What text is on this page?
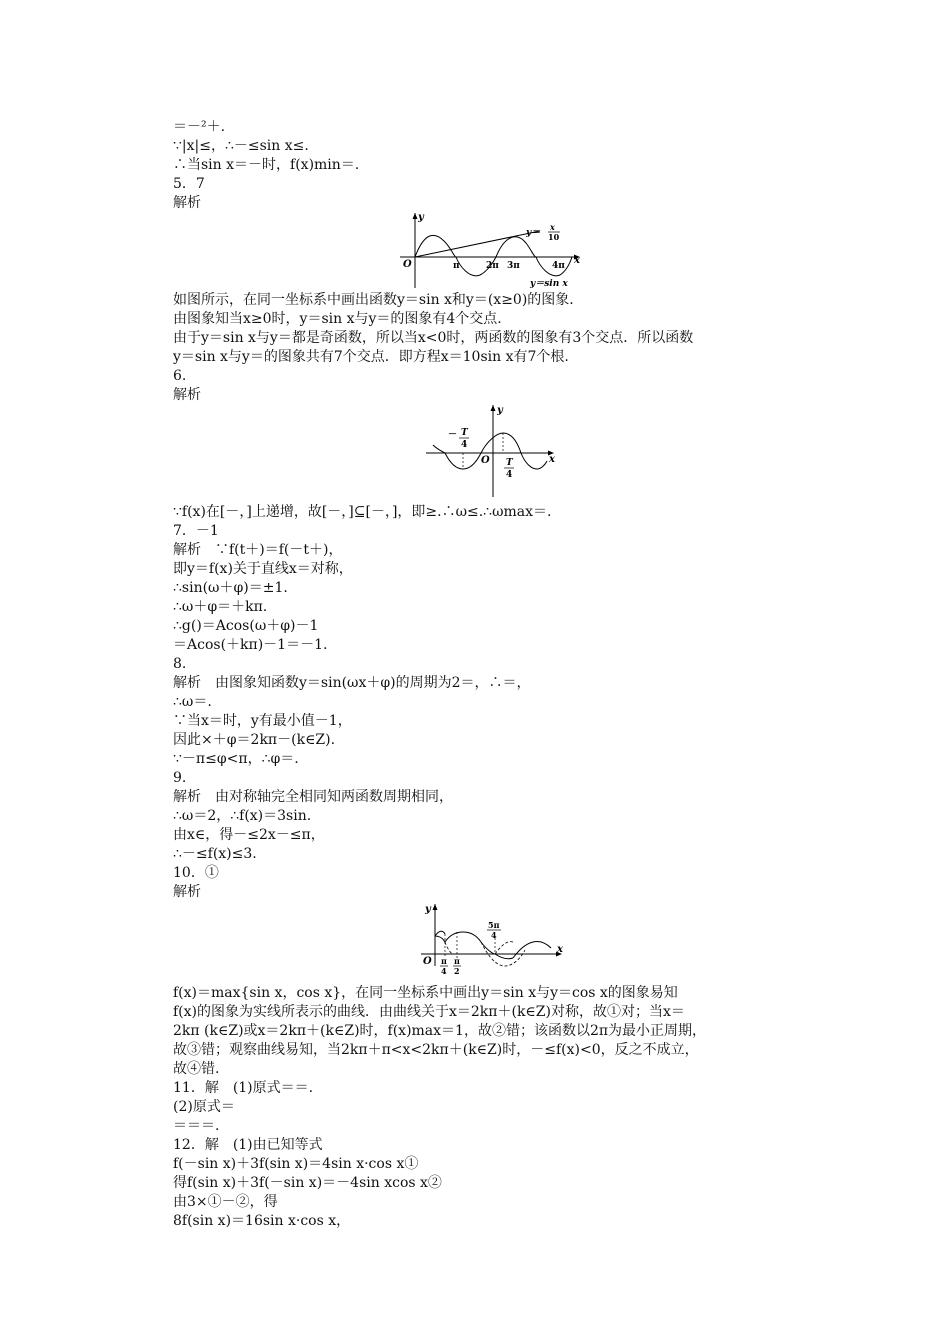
＝－²＋.
∵|x|≤，∴－≤sin x≤.
∴当sin x＝－时，f(x)min＝.
5．7
解析
y
x
O	π	2π 3π	4π
y＝
x
10
y＝sin x
如图所示，在同一坐标系中画出函数y＝sin x和y＝(x≥0)的图象.
由图象知当x≥0时，y＝sin x与y＝的图象有4个交点.
由于y＝sin x与y＝都是奇函数，所以当x<0时，两函数的图象有3个交点．所以函数
y＝sin x与y＝的图象共有7个交点．即方程x＝10sin x有7个根.
6.
解析
y
x
O
－ T
4
T
4
∵f(x)在[－，]上递增，故[－，]⊆[－，]，即≥.∴ω≤.∴ωmax＝.
7．－1
解析　∵f(t＋)＝f(－t＋)，
即y＝f(x)关于直线x＝对称，
∴sin(ω＋φ)＝±1.
∴ω＋φ＝＋kπ.
∴g()＝Acos(ω＋φ)－1
＝Acos(＋kπ)－1＝－1.
8.
解析　由图象知函数y＝sin(ωx＋φ)的周期为2＝，∴＝，
∴ω＝.
∵当x＝时，y有最小值－1，
因此×＋φ＝2kπ－(k∈Z).
∵－π≤φ<π，∴φ＝.
9.
解析　由对称轴完全相同知两函数周期相同，
∴ω＝2，∴f(x)＝3sin.
由x∈，得－≤2x－≤π，
∴－≤f(x)≤3.
10．①
解析
y
x
O π
4
π
2
5π
4
f(x)＝max{sin x，cos x}，在同一坐标系中画出y＝sin x与y＝cos x的图象易知
f(x)的图象为实线所表示的曲线．由曲线关于x＝2kπ＋(k∈Z)对称，故①对；当x＝
2kπ (k∈Z)或x＝2kπ＋(k∈Z)时，f(x)max＝1，故②错；该函数以2π为最小正周期，
故③错；观察曲线易知，当2kπ＋π<x<2kπ＋(k∈Z)时，－≤f(x)<0，反之不成立，
故④错.
11．解　(1)原式＝＝.
(2)原式＝
＝＝＝.
12．解　(1)由已知等式
f(－sin x)＋3f(sin x)＝4sin x·cos x①
得f(sin x)＋3f(－sin x)＝－4sin xcos x②
由3×①－②，得
8f(sin x)＝16sin x·cos x，
